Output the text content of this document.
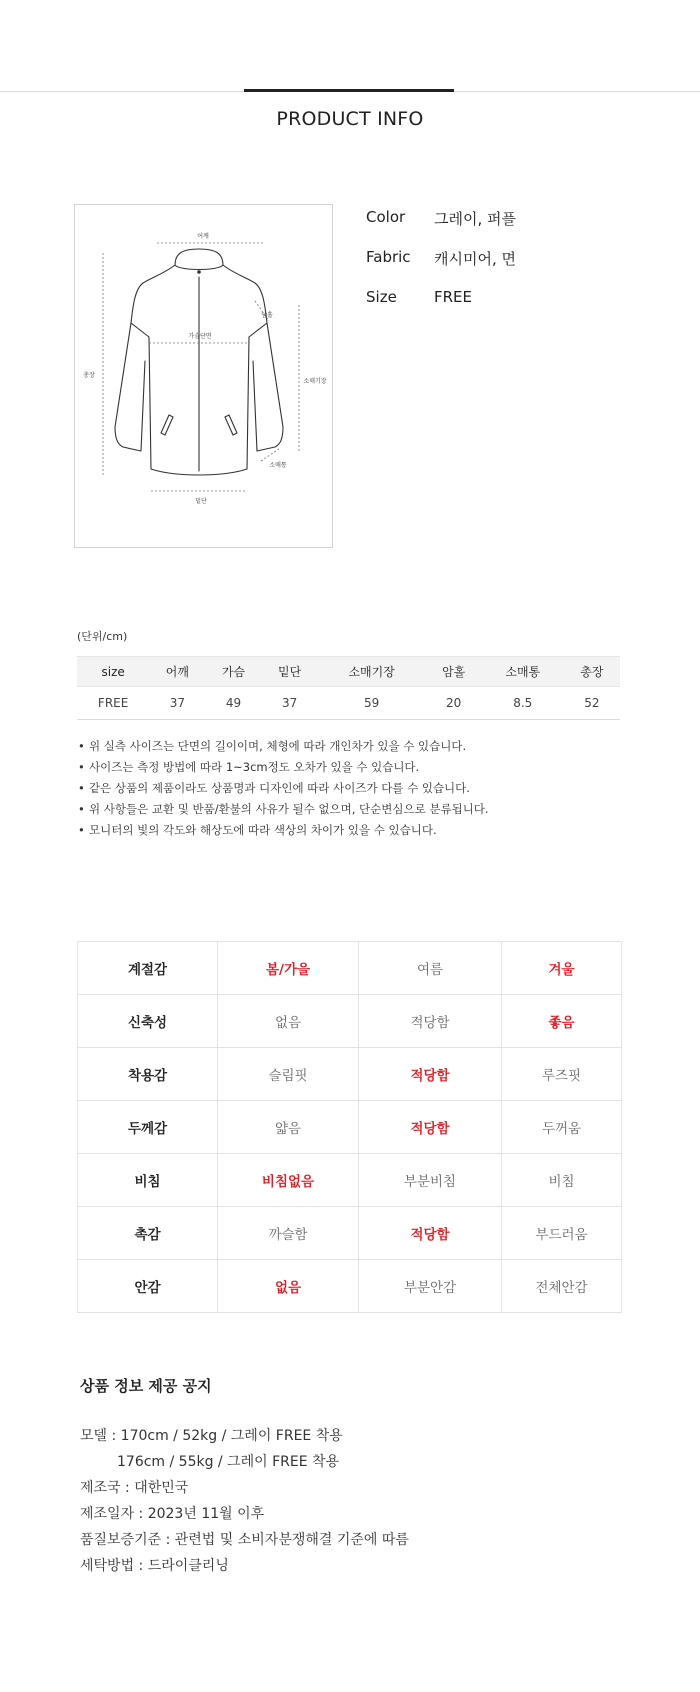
PRODUCT INFO
어깨
가슴단면
암홀
총장
소매기장
밑단
소매통
Color 그레이, 퍼플
Fabric 캐시미어, 면
Size FREE
(단위/cm)
size	어깨	가슴	밑단	소매기장	암홀	소매통	총장
FREE	37	49	37	59	20	8.5	52
• 위 실측 사이즈는 단면의 길이이며, 체형에 따라 개인차가 있을 수 있습니다.
• 사이즈는 측정 방법에 따라 1~3cm정도 오차가 있을 수 있습니다.
• 같은 상품의 제품이라도 상품명과 디자인에 따라 사이즈가 다를 수 있습니다.
• 위 사항들은 교환 및 반품/환불의 사유가 될수 없으며, 단순변심으로 분류됩니다.
• 모니터의 빛의 각도와 해상도에 따라 색상의 차이가 있을 수 있습니다.
계절감	봄/가을	여름	겨울
신축성	없음	적당함	좋음
착용감	슬림핏	적당함	루즈핏
두께감	얇음	적당함	두꺼움
비침	비침없음	부분비침	비침
촉감	까슬함	적당함	부드러움
안감	없음	부분안감	전체안감
상품 정보 제공 공지
모델 : 170cm / 52kg / 그레이 FREE 착용
176cm / 55kg / 그레이 FREE 착용
제조국 : 대한민국
제조일자 : 2023년 11월 이후
품질보증기준 : 관련법 및 소비자분쟁해결 기준에 따름
세탁방법 : 드라이클리닝
